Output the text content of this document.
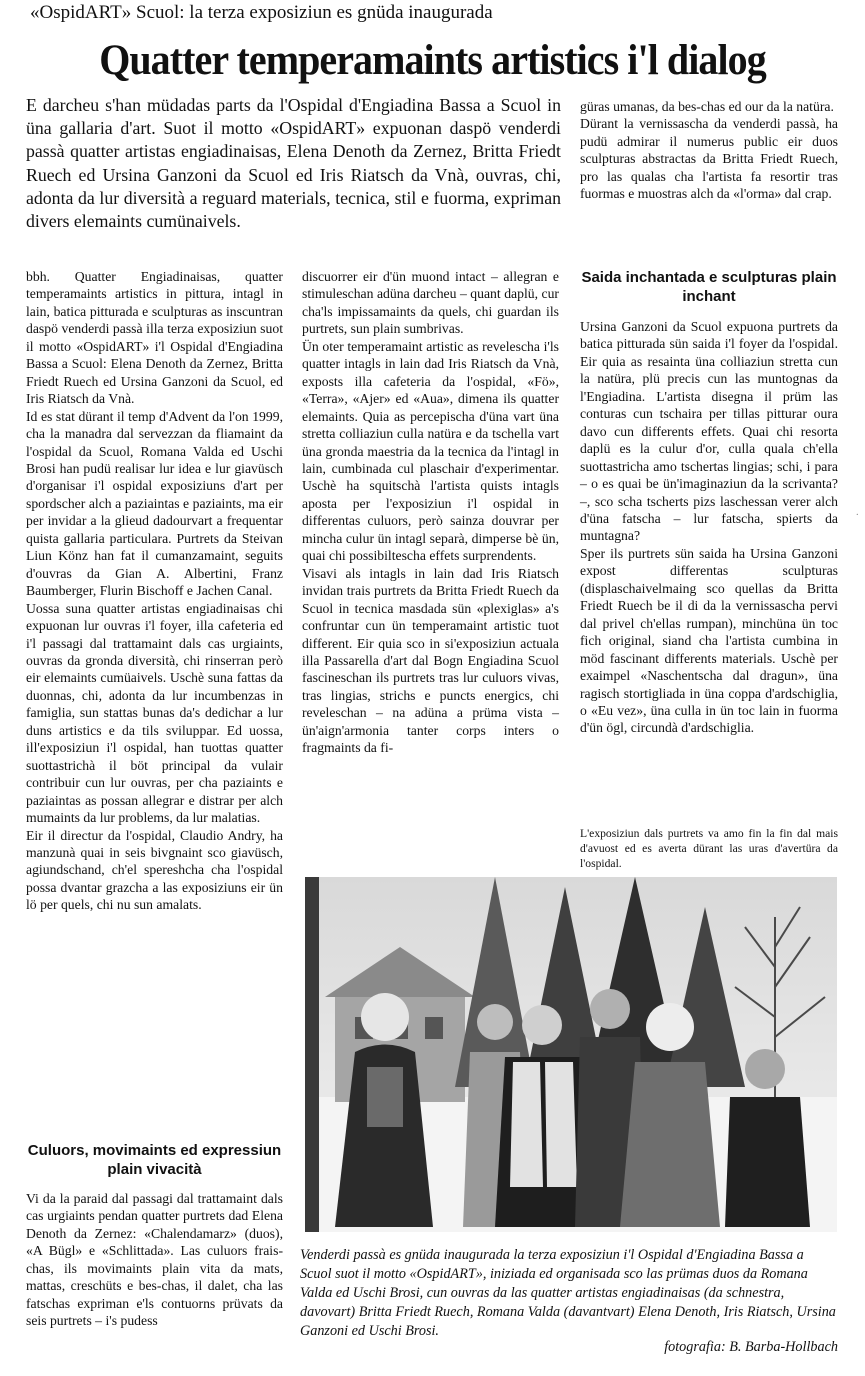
«OspidART» Scuol: la terza exposiziun es gnüda inaugurada
Quatter temperamaints artistics i'l dialog
E darcheu s'han müdadas parts da l'Ospidal d'Engiadina Bassa a Scuol in üna gallaria d'art. Suot il motto «OspidART» expuonan daspö venderdi passà quatter artistas engiadinaisas, Elena Denoth da Zernez, Britta Friedt Ruech ed Ursina Ganzoni da Scuol ed Iris Riatsch da Vnà, ouvras, chi, adonta da lur diversità a reguard materials, tecnica, stil e fuorma, expriman divers elemaints cumünaivels.

bbh. Quatter Engiadinaisas, quatter temperamaints artistics in pittura, intagl in lain, batica pitturada e sculpturas as inscuntran daspö venderdi passà illa terza exposiziun suot il motto «OspidART» i'l Ospidal d'Engiadina Bassa a Scuol: Elena Denoth da Zernez, Britta Friedt Ruech ed Ursina Ganzoni da Scuol, ed Iris Riatsch da Vnà.

Id es stat dürant il temp d'Advent da l'on 1999, cha la manadra dal servezzan da fliamaint da l'ospidal da Scuol, Romana Valda ed Uschi Brosi han pudü realisar lur idea e lur giavüsch d'organisar i'l ospidal exposiziuns d'art per spordscher alch a paziaintas e paziaints, ma eir per invidar a la glieud dadourvart a frequentar quista gallaria particulara. Purtrets da Steivan Liun Könz han fat il cumanzamaint, seguits d'ouvras da Gian A. Albertini, Franz Baumberger, Flurin Bischoff e Jachen Canal.

Uossa suna quatter artistas engiadinaisas chi expuonan lur ouvras i'l foyer, illa cafeteria ed i'l passagi dal trattamaint dals cas urgiaints, ouvras da gronda diversità, chi rinserran però eir elemaints cumüaivels. Uschè suna fattas da duonnas, chi, adonta da lur incumbenzas in famiglia, sun stattas bunas da's dedichar a lur duns artistics e da tils sviluppar. Ed uossa, ill'exposiziun i'l ospidal, han tuottas quatter suottastrichà il böt principal da vulair contribuir cun lur ouvras, per cha paziaints e paziaintas as possan allegrar e distrar per alch mumaints da lur problems, da lur malatias.

Eir il directur da l'ospidal, Claudio Andry, ha manzunà quai in seis bivgnaint sco giavüsch, agiundschand, ch'el spereshcha cha l'ospidal possa dvantar grazcha a las exposiziuns eir ün lö per quels, chi nu sun amalats.

Culuors, movimaints ed expressiun plain vivacità

Vi da la paraid dal passagi dal trattamaint dals cas urgiaints pendan quatter purtrets dad Elena Denoth da Zernez: «Chalendamarz» (duos), «A Bügl» e «Schlittada». Las culuors frais-chas, ils movimaints plain vita da mats, mattas, creschüts e bes-chas, il dalet, cha las fatschas expriman e'ls contuorns prüvats da seis purtrets – i's pudess

discuorrer eir d'ün muond intact – allegran e stimuleschan adüna darcheu – quant daplü, cur cha'ls impissamaints da quels, chi guardan ils purtrets, sun plain sumbrivas.

Ün oter temperamaint artistic as revelescha i'ls quatter intagls in lain dad Iris Riatsch da Vnà, exposts illa cafeteria da l'ospidal, «Fö», «Terra», «Ajer» ed «Aua», dimena ils quatter elemaints. Quia as percepischa d'üna vart üna stretta colliaziun culla natüra e da tschella vart üna gronda maestria da la tecnica da l'intagl in lain, cumbinada cul plaschair d'experimentar. Uschè ha squitschà l'artista quists intagls aposta per l'exposiziun i'l ospidal in differentas culuors, però sainza douvrar per mincha culur ün intagl separà, dimperse bè ün, quai chi possibiltescha effets surprendents.

Visavi als intagls in lain dad Iris Riatsch invidan trais purtrets da Britta Friedt Ruech da Scuol in tecnica masdada sün «plexiglas» a's confruntar cun ün temperamaint artistic tuot different. Eir quia sco in si'exposiziun actuala illa Passarella d'art dal Bogn Engiadina Scuol fascineschan ils purtrets tras lur culuors vivas, tras lingias, strichs e puncts energics, chi reveleschan – na adüna a prüma vista – ün'aign'armonia tanter corps inters o fragmaints da fi-

güras umanas, da bes-chas ed our da la natüra.

Dürant la vernissascha da venderdi passà, ha pudü admirar il numerus public eir duos sculpturas abstractas da Britta Friedt Ruech, pro las qualas cha l'artista fa resortir tras fuormas e muostras alch da «l'orma» dal crap.

Saida inchantada e sculpturas plain inchant

Ursina Ganzoni da Scuol expuona purtrets da batica pitturada sün saida i'l foyer da l'ospidal. Eir quia as resainta üna colliaziun stretta cun la natüra, plü precis cun las muntognas da l'Engiadina. L'artista disegna il prüm las conturas cun tschaira per tillas pitturar oura davo cun differents effets. Quai chi resorta daplü es la culur d'or, culla quala ch'ella suottastricha amo tschertas lingias; schi, i para – o es quai be ün'imaginaziun da la scrivanta? –, sco scha tscherts pizs laschessan verer alch d'üna fatscha – lur fatscha, spierts da muntagna?

Sper ils purtrets sün saida ha Ursina Ganzoni expost differentas sculpturas (displaschaivelmaing sco quellas da Britta Friedt Ruech be il di da la vernissascha pervi dal privel ch'ellas rumpan), minchüna ün toc fich original, siand cha l'artista cumbina in möd fascinant differents materials. Uschè per exaimpel «Naschentscha dal dragun», üna ragisch stortigliada in üna coppa d'ardschiglia, o «Eu vez», üna culla in ün toc lain in fuorma d'ün ögl, circundà d'ardschiglia.

L'exposiziun dals purtrets va amo fin la fin dal mais d'avuost ed es averta dürant las uras d'avertüra da l'ospidal.
Venderdi passà es gnüda inaugurada la terza exposiziun i'l Ospidal d'Engiadina Bassa a Scuol suot il motto «OspidART», iniziada ed organisada sco las prümas duos da Romana Valda ed Uschi Brosi, cun ouvras da las quatter artistas engiadinaisas (da schnestra, davovart) Britta Friedt Ruech, Romana Valda (davantvart) Elena Denoth, Iris Riatsch, Ursina Ganzoni ed Uschi Brosi.
fotografia: B. Barba-Hollbach
·
